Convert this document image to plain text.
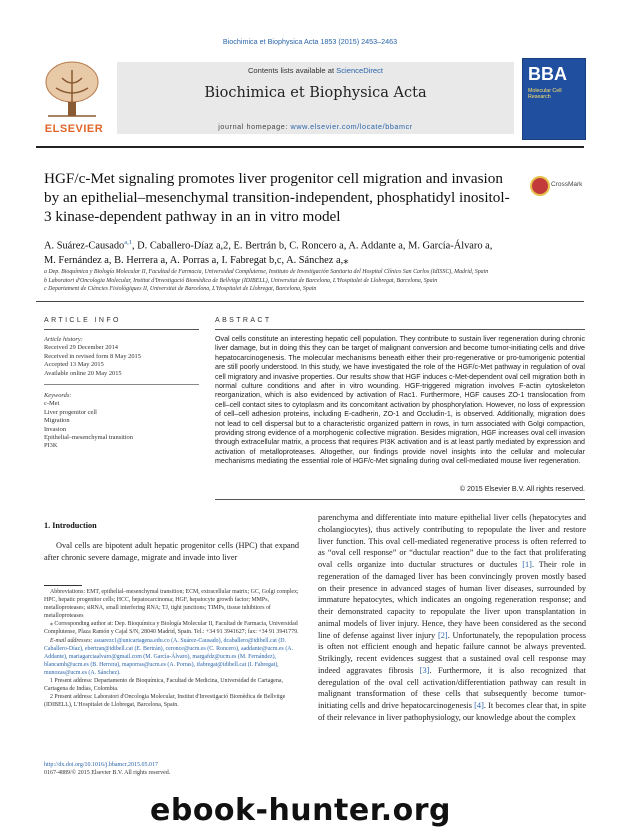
Biochimica et Biophysica Acta 1853 (2015) 2453–2463
ELSEVIER
Contents lists available at ScienceDirect
Biochimica et Biophysica Acta
journal homepage: www.elsevier.com/locate/bbamcr
BBA
Molecular Cell Research
HGF/c-Met signaling promotes liver progenitor cell migration and invasion by an epithelial–mesenchymal transition-independent, phosphatidyl inositol-3 kinase-dependent pathway in an in vitro model
CrossMark
A. Suárez-Causado$^{a,1}$, D. Caballero-Díaz a,2, E. Bertrán b, C. Roncero a, A. Addante a, M. García-Álvaro a,
M. Fernández a, B. Herrera a, A. Porras a, I. Fabregat b,c, A. Sánchez a,⁎
a Dep. Bioquímica y Biología Molecular II, Facultad de Farmacia, Universidad Complutense, Instituto de Investigación Sanitaria del Hospital Clínico San Carlos (IdISSC), Madrid, Spain
b Laboratori d'Oncologia Molecular, Institut d'Investigació Biomèdica de Bellvitge (IDIBELL), Universitat de Barcelona, L'Hospitalet de Llobregat, Barcelona, Spain
c Departament de Ciències Fisiològiques II, Universitat de Barcelona, L'Hospitalet de Llobregat, Barcelona, Spain
ARTICLE INFO	ABSTRACT
Article history:
Received 29 December 2014
Received in revised form 8 May 2015
Accepted 13 May 2015
Available online 20 May 2015
Keywords:
c-Met
Liver progenitor cell
Migration
Invasion
Epithelial–mesenchymal transition
PI3K
Oval cells constitute an interesting hepatic cell population. They contribute to sustain liver regeneration during chronic liver damage, but in doing this they can be target of malignant conversion and become tumor-initiating cells and drive hepatocarcinogenesis. The molecular mechanisms beneath either their pro-regenerative or pro-tumorigenic potential are still poorly understood. In this study, we have investigated the role of the HGF/c-Met pathway in regulation of oval cell migratory and invasive properties. Our results show that HGF induces c-Met-dependent oval cell migration both in normal culture conditions and after in vitro wounding. HGF-triggered migration involves F-actin cytoskeleton reorganization, which is also evidenced by activation of Rac1. Furthermore, HGF causes ZO-1 translocation from cell–cell contact sites to cytoplasm and its concomitant activation by phosphorylation. However, no loss of expression of cell–cell adhesion proteins, including E-cadherin, ZO-1 and Occludin-1, is observed. Additionally, migration does not lead to cell dispersal but to a characteristic organized pattern in rows, in turn associated with Golgi compaction, providing strong evidence of a morphogenic collective migration. Besides migration, HGF increases oval cell invasion through extracellular matrix, a process that requires PI3K activation and is at least partly mediated by expression and activation of metalloproteases. Altogether, our findings provide novel insights into the cellular and molecular mechanisms mediating the essential role of HGF/c-Met signaling during oval cell-mediated mouse liver regeneration.
© 2015 Elsevier B.V. All rights reserved.
1. Introduction
Oval cells are bipotent adult hepatic progenitor cells (HPC) that expand after chronic severe damage, migrate and invade into liver

Abbreviations: EMT, epithelial–mesenchymal transition; ECM, extracellular matrix; GC, Golgi complex; HPC, hepatic progenitor cells; HCC, hepatocarcinoma; HGF, hepatocyte growth factor; MMPs, metalloproteases; siRNA, small interfering RNA; TJ, tight junctions; TIMPs, tissue inhibitors of metalloproteases

⁎ Corresponding author at: Dep. Bioquímica y Biología Molecular II, Facultad de Farmacia, Universidad Complutense, Plaza Ramón y Cajal S/N, 28040 Madrid, Spain. Tel.: +34 91 3941627; fax: +34 91 3941779.

E-mail addresses: asuarezc1@unicartagena.edu.co (A. Suárez-Causado), dcaballero@idibell.cat (D. Caballero-Díaz), ebertran@idibell.cat (E. Bertrán), ceronce@ucm.es (C. Roncero), aaddante@ucm.es (A. Addante), mariagarciaalvaro@gmail.com (M. García-Álvaro), margafdz@ucm.es (M. Fernández), blancamh@ucm.es (B. Herrera), maporras@ucm.es (A. Porras), ifabregat@idibell.cat (I. Fabregat), munozas@ucm.es (A. Sánchez).

1 Present address: Departamento de Bioquímica, Facultad de Medicina, Universidad de Cartagena, Cartagena de Indias, Colombia.

2 Present address: Laboratori d'Oncologia Molecular, Institut d'Investigació Biomèdica de Bellvitge (IDIBELL), L'Hospitalet de Llobregat, Barcelona, Spain.

parenchyma and differentiate into mature epithelial liver cells (hepatocytes and cholangiocytes), thus actively contributing to repopulate the liver and restore liver function. This oval cell-mediated regenerative process is often referred to as “oval cell response” or “ductular reaction” due to the fact that proliferating oval cells organize into ductular structures or ductules [1]. Their role in regeneration of the damaged liver has been convincingly proven mostly based on their presence in advanced stages of human liver diseases, surrounded by immature hepatocytes, which indicates an ongoing regeneration response; and their demonstrated capacity to repopulate the liver upon transplantation in animal models of liver injury. Hence, they have been considered as the second line of defense against liver injury [2]. Unfortunately, the repopulation process is often not efficient enough and hepatic failure cannot be always prevented. Strikingly, recent evidences suggest that a sustained oval cell response may indeed aggravates fibrosis [3]. Furthermore, it is also recognized that deregulation of the oval cell activation/differentiation pathway can result in malignant transformation of these cells that subsequently become tumor-initiating cells and drive hepatocarcinogenesis [4]. It becomes clear that, in spite of their relevance in liver pathophysiology, our knowledge about the complex
http://dx.doi.org/10.1016/j.bbamcr.2015.05.017
0167-4889/© 2015 Elsevier B.V. All rights reserved.
ebook-hunter.org
